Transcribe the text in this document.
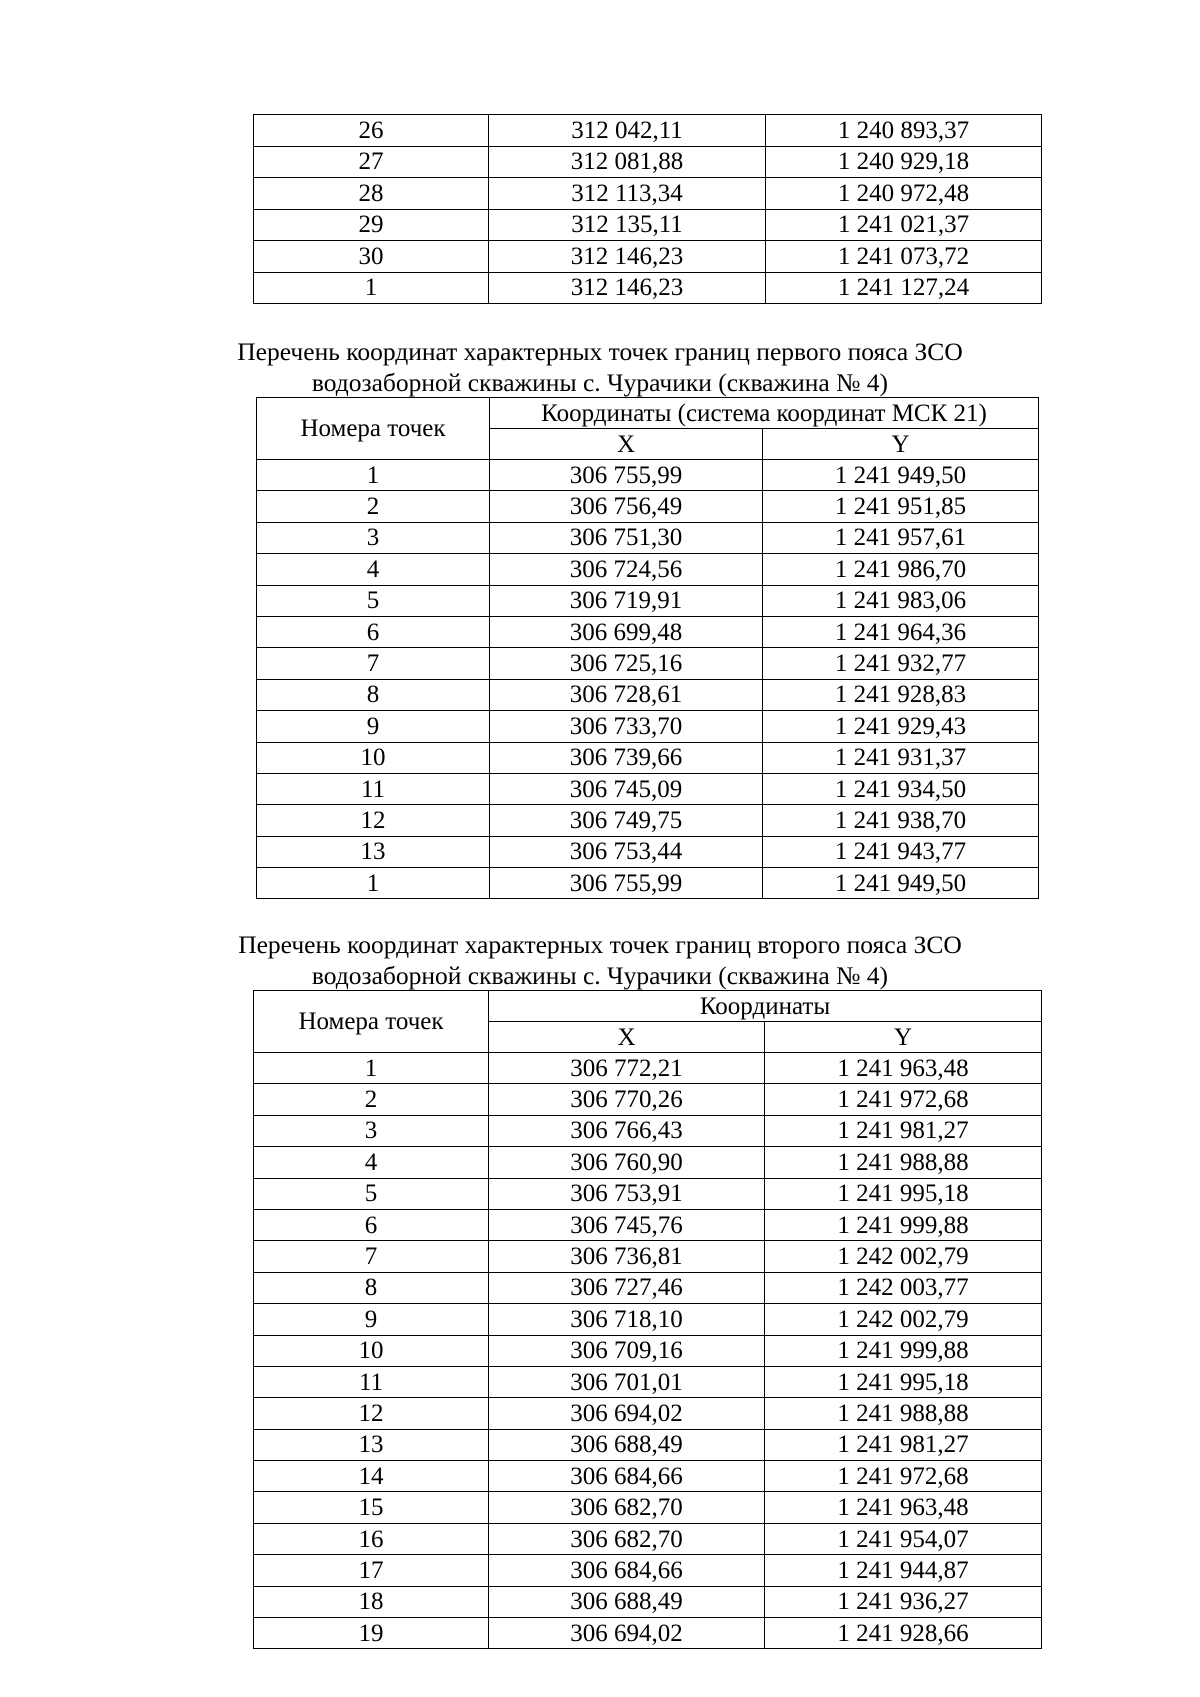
26	312 042,11	1 240 893,37
27	312 081,88	1 240 929,18
28	312 113,34	1 240 972,48
29	312 135,11	1 241 021,37
30	312 146,23	1 241 073,72
1	312 146,23	1 241 127,24
Перечень координат характерных точек границ первого пояса ЗСО
водозаборной скважины с. Чурачики (скважина № 4)
Номера точек	Координаты (система координат МСК 21)	
	X	Y
1	306 755,99	1 241 949,50
2	306 756,49	1 241 951,85
3	306 751,30	1 241 957,61
4	306 724,56	1 241 986,70
5	306 719,91	1 241 983,06
6	306 699,48	1 241 964,36
7	306 725,16	1 241 932,77
8	306 728,61	1 241 928,83
9	306 733,70	1 241 929,43
10	306 739,66	1 241 931,37
11	306 745,09	1 241 934,50
12	306 749,75	1 241 938,70
13	306 753,44	1 241 943,77
1	306 755,99	1 241 949,50
Перечень координат характерных точек границ второго пояса ЗСО
водозаборной скважины с. Чурачики (скважина № 4)
Номера точек	Координаты	
	X	Y
1	306 772,21	1 241 963,48
2	306 770,26	1 241 972,68
3	306 766,43	1 241 981,27
4	306 760,90	1 241 988,88
5	306 753,91	1 241 995,18
6	306 745,76	1 241 999,88
7	306 736,81	1 242 002,79
8	306 727,46	1 242 003,77
9	306 718,10	1 242 002,79
10	306 709,16	1 241 999,88
11	306 701,01	1 241 995,18
12	306 694,02	1 241 988,88
13	306 688,49	1 241 981,27
14	306 684,66	1 241 972,68
15	306 682,70	1 241 963,48
16	306 682,70	1 241 954,07
17	306 684,66	1 241 944,87
18	306 688,49	1 241 936,27
19	306 694,02	1 241 928,66
